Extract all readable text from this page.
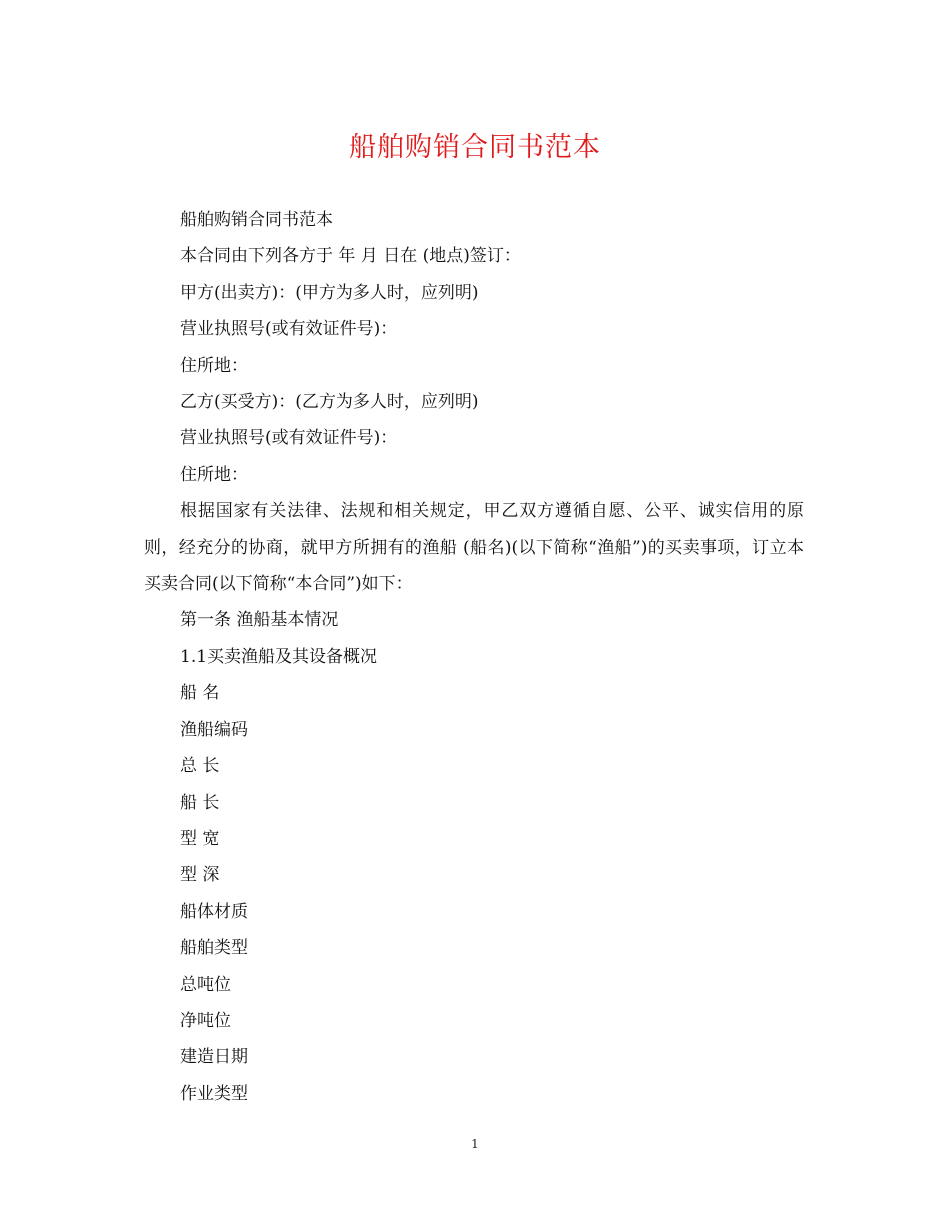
船舶购销合同书范本

船舶购销合同书范本

本合同由下列各方于 年 月 日在 (地点)签订：

甲方(出卖方)：(甲方为多人时，应列明)

营业执照号(或有效证件号)：

住所地：

乙方(买受方)：(乙方为多人时，应列明)

营业执照号(或有效证件号)：

住所地：

根据国家有关法律、法规和相关规定，甲乙双方遵循自愿、公平、诚实信用的原则，经充分的协商，就甲方所拥有的渔船 (船名)(以下简称“渔船”)的买卖事项，订立本买卖合同(以下简称“本合同”)如下：

第一条 渔船基本情况

1.1买卖渔船及其设备概况

船 名

渔船编码

总 长

船 长

型 宽

型 深

船体材质

船舶类型

总吨位

净吨位

建造日期

作业类型

1
